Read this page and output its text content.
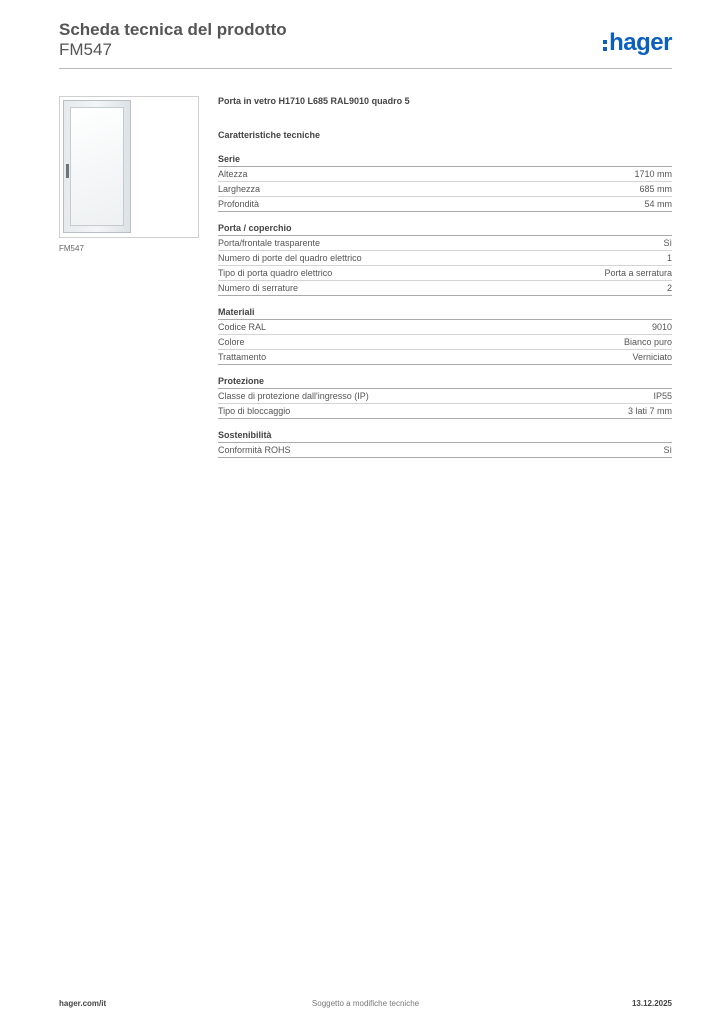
Scheda tecnica del prodotto
FM547	hager
FM547
Porta in vetro H1710 L685 RAL9010 quadro 5
Caratteristiche tecniche
Serie
Altezza	1710 mm
Larghezza	685 mm
Profondità	54 mm
Porta / coperchio
Porta/frontale trasparente	Sì
Numero di porte del quadro elettrico	1
Tipo di porta quadro elettrico	Porta a serratura
Numero di serrature	2
Materiali
Codice RAL	9010
Colore	Bianco puro
Trattamento	Verniciato
Protezione
Classe di protezione dall'ingresso (IP)	IP55
Tipo di bloccaggio	3 lati 7 mm
Sostenibilità
Conformità ROHS	Sì
Soggetto a modifiche tecniche
hager.com/it	13.12.2025
